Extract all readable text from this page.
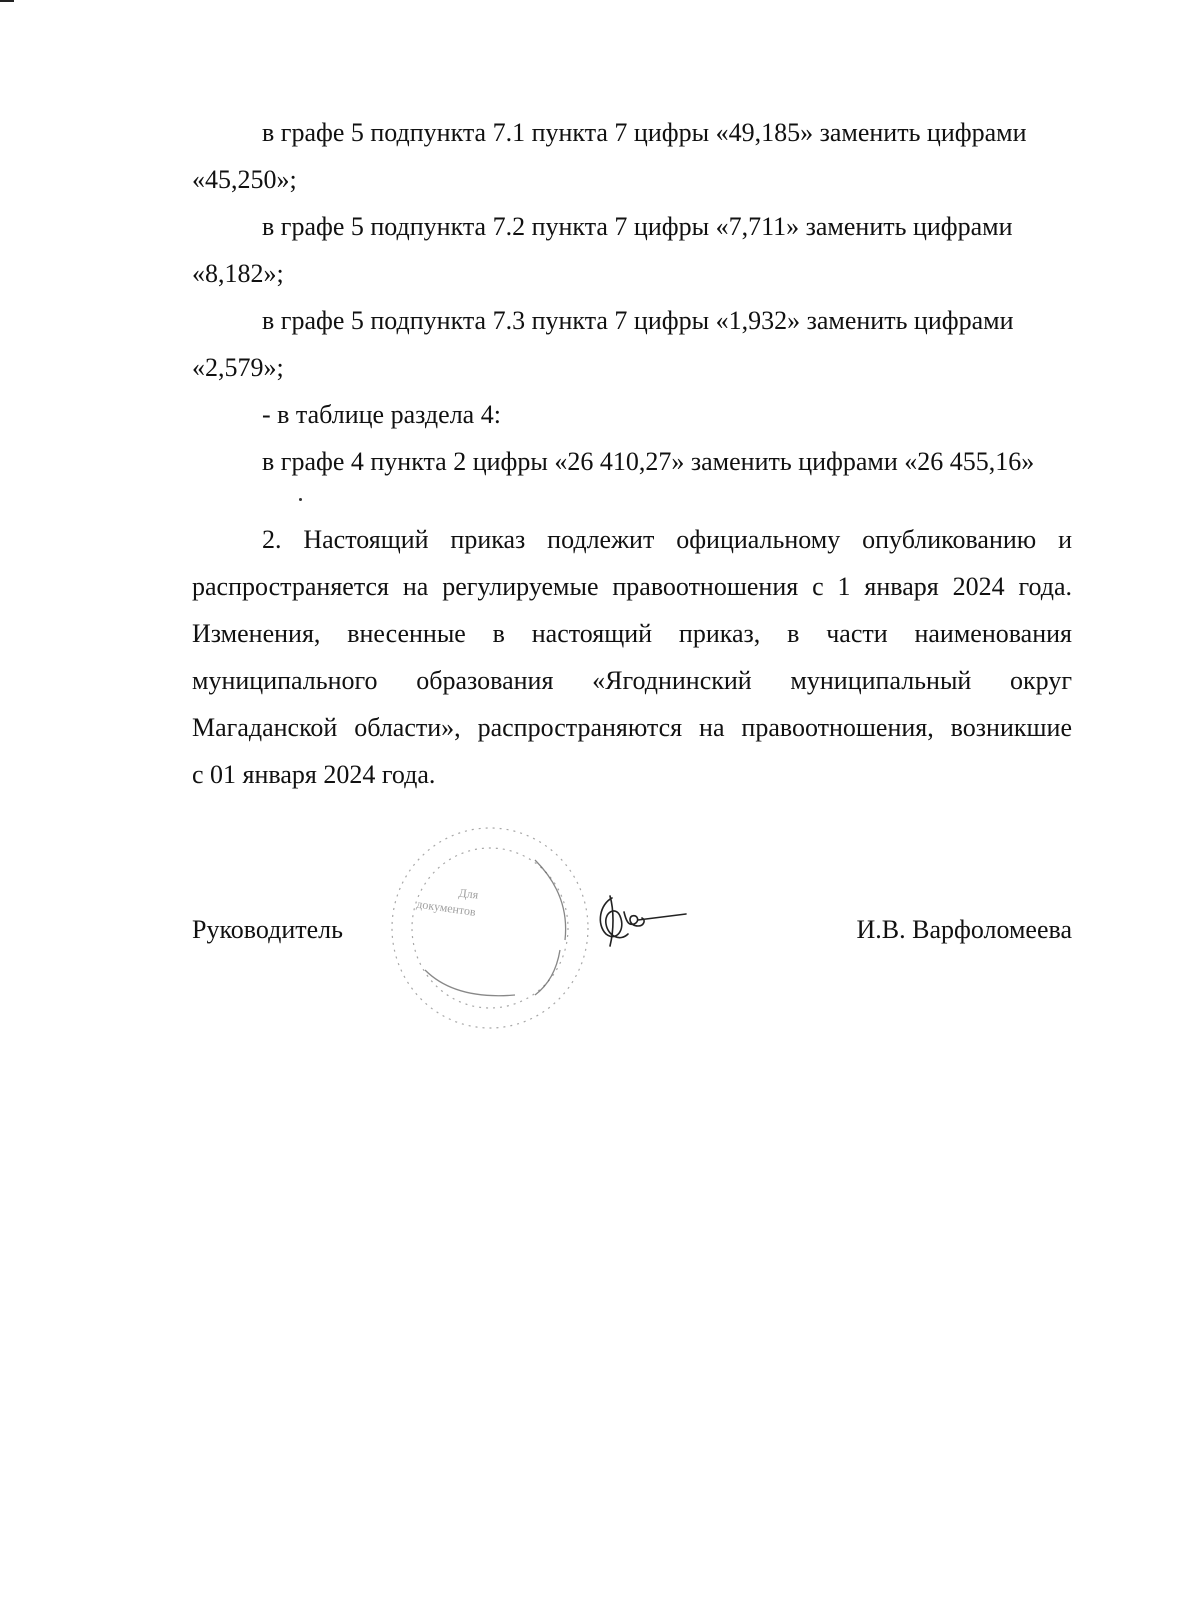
в графе 5 подпункта 7.1 пункта 7 цифры «49,185» заменить цифрами

«45,250»;

в графе 5 подпункта 7.2 пункта 7 цифры «7,711» заменить цифрами

«8,182»;

в графе 5 подпункта 7.3 пункта 7 цифры «1,932» заменить цифрами

«2,579»;

- в таблице раздела 4:

в графе 4 пункта 2 цифры «26 410,27» заменить цифрами «26 455,16»

2. Настоящий приказ подлежит официальному опубликованию и

распространяется на регулируемые правоотношения с 1 января 2024 года.

Изменения, внесенные в настоящий приказ, в части наименования

муниципального образования «Ягоднинский муниципальный округ

Магаданской области», распространяются на правоотношения, возникшие

с 01 января 2024 года.

Для
документов
Руководитель	И.В. Варфоломеева
